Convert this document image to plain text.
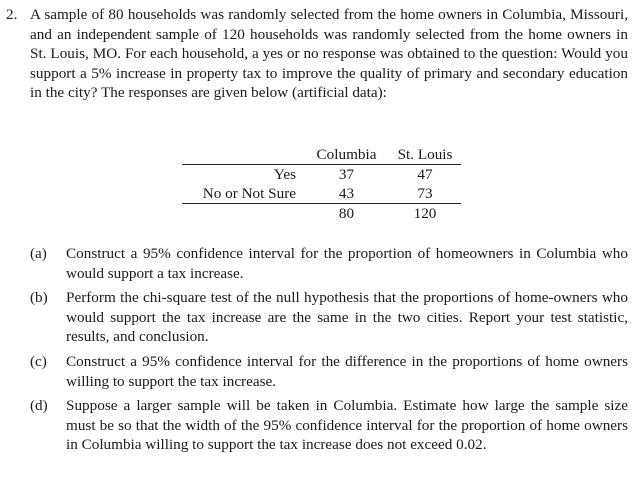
2. A sample of 80 households was randomly selected from the home owners in Columbia, Missouri, and an independent sample of 120 households was randomly selected from the home owners in St. Louis, MO. For each household, a yes or no response was obtained to the question: Would you support a 5% increase in property tax to improve the quality of primary and secondary education in the city? The responses are given below (artificial data):
	Columbia	St. Louis
Yes	37	47
No or Not Sure	43	73
	80	120
(a)	Construct a 95% confidence interval for the proportion of homeowners in Columbia who would support a tax increase.
(b)	Perform the chi-square test of the null hypothesis that the proportions of home-owners who would support the tax increase are the same in the two cities. Report your test statistic, results, and conclusion.
(c)	Construct a 95% confidence interval for the difference in the proportions of home owners willing to support the tax increase.
(d)	Suppose a larger sample will be taken in Columbia. Estimate how large the sample size must be so that the width of the 95% confidence interval for the proportion of home owners in Columbia willing to support the tax increase does not exceed 0.02.
